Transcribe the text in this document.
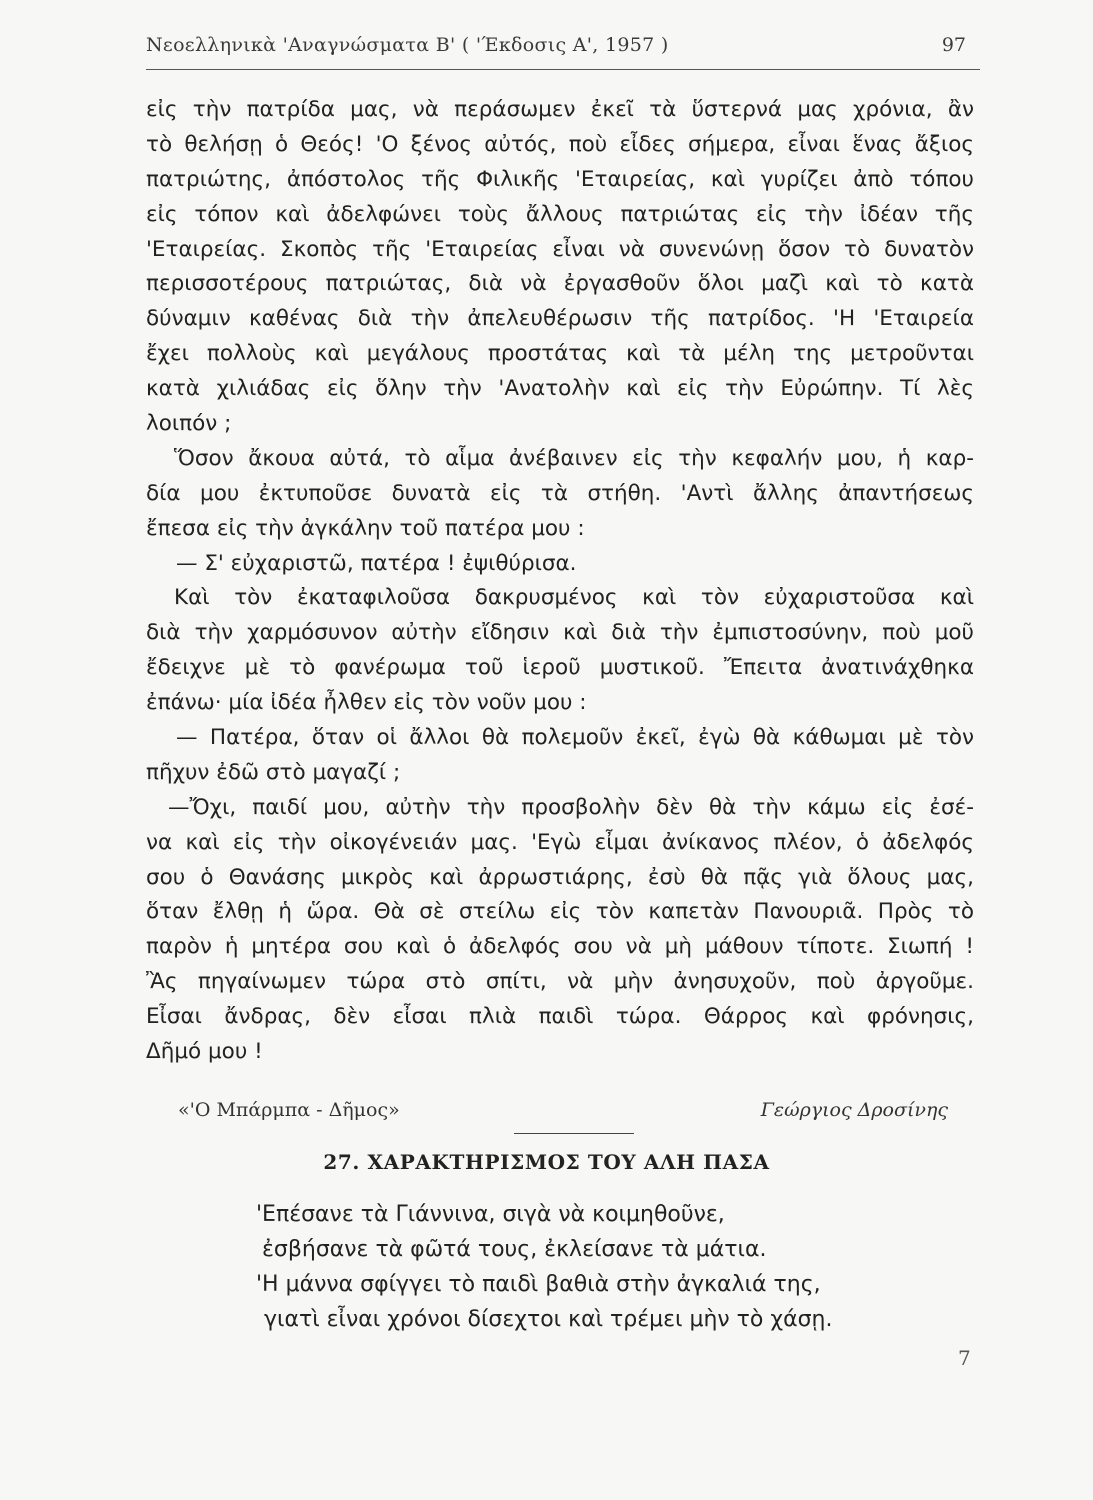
Νεοελληνικὰ 'Αναγνώσματα Β' ( 'Έκδοσις Α', 1957 )	97
εἰς τὴν πατρίδα μας, νὰ περάσωμεν ἐκεῖ τὰ ὕστερνά μας χρόνια, ἂν
τὸ θελήσῃ ὁ Θεός! 'Ο ξένος αὐτός, ποὺ εἶδες σήμερα, εἶναι ἕνας ἄξιος
πατριώτης, ἀπόστολος τῆς Φιλικῆς 'Εταιρείας, καὶ γυρίζει ἀπὸ τόπου
εἰς τόπον καὶ ἀδελφώνει τοὺς ἄλλους πατριώτας εἰς τὴν ἰδέαν τῆς
'Εταιρείας. Σκοπὸς τῆς 'Εταιρείας εἶναι νὰ συνενώνῃ ὅσον τὸ δυνατὸν
περισσοτέρους πατριώτας, διὰ νὰ ἐργασθοῦν ὅλοι μαζὶ καὶ τὸ κατὰ
δύναμιν καθένας διὰ τὴν ἀπελευθέρωσιν τῆς πατρίδος. 'Η 'Εταιρεία
ἔχει πολλοὺς καὶ μεγάλους προστάτας καὶ τὰ μέλη της μετροῦνται
κατὰ χιλιάδας εἰς ὅλην τὴν 'Ανατολὴν καὶ εἰς τὴν Εὐρώπην. Τί λὲς
λοιπόν ;
Ὅσον ἄκουα αὐτά, τὸ αἷμα ἀνέβαινεν εἰς τὴν κεφαλήν μου, ἡ καρ-
δία μου ἐκτυποῦσε δυνατὰ εἰς τὰ στήθη. 'Αντὶ ἄλλης ἀπαντήσεως
ἔπεσα εἰς τὴν ἀγκάλην τοῦ πατέρα μου :
— Σ' εὐχαριστῶ, πατέρα ! ἐψιθύρισα.
Καὶ τὸν ἐκαταφιλοῦσα δακρυσμένος καὶ τὸν εὐχαριστοῦσα καὶ
διὰ τὴν χαρμόσυνον αὐτὴν εἴδησιν καὶ διὰ τὴν ἐμπιστοσύνην, ποὺ μοῦ
ἔδειχνε μὲ τὸ φανέρωμα τοῦ ἱεροῦ μυστικοῦ. Ἔπειτα ἀνατινάχθηκα
ἐπάνω· μία ἰδέα ἦλθεν εἰς τὸν νοῦν μου :
— Πατέρα, ὅταν οἱ ἄλλοι θὰ πολεμοῦν ἐκεῖ, ἐγὼ θὰ κάθωμαι μὲ τὸν
πῆχυν ἐδῶ στὸ μαγαζί ;
—Ὄχι, παιδί μου, αὐτὴν τὴν προσβολὴν δὲν θὰ τὴν κάμω εἰς ἐσέ-
να καὶ εἰς τὴν οἰκογένειάν μας. 'Εγὼ εἶμαι ἀνίκανος πλέον, ὁ ἀδελφός
σου ὁ Θανάσης μικρὸς καὶ ἀρρωστιάρης, ἐσὺ θὰ πᾷς γιὰ ὅλους μας,
ὅταν ἔλθῃ ἡ ὥρα. Θὰ σὲ στείλω εἰς τὸν καπετὰν Πανουριᾶ. Πρὸς τὸ
παρὸν ἡ μητέρα σου καὶ ὁ ἀδελφός σου νὰ μὴ μάθουν τίποτε. Σιωπή !
Ἂς πηγαίνωμεν τώρα στὸ σπίτι, νὰ μὴν ἀνησυχοῦν, ποὺ ἀργοῦμε.
Εἶσαι ἄνδρας, δὲν εἶσαι πλιὰ παιδὶ τώρα. Θάρρος καὶ φρόνησις,
Δῆμό μου !
«'Ο Μπάρμπα - Δῆμος»	Γεώργιος Δροσίνης
27. ΧΑΡΑΚΤΗΡΙΣΜΟΣ ΤΟΥ ΑΛΗ ΠΑΣΑ
'Επέσανε τὰ Γιάννινα, σιγὰ νὰ κοιμηθοῦνε,
ἐσβήσανε τὰ φῶτά τους, ἐκλείσανε τὰ μάτια.
'Η μάννα σφίγγει τὸ παιδὶ βαθιὰ στὴν ἀγκαλιά της,
γιατὶ εἶναι χρόνοι δίσεχτοι καὶ τρέμει μὴν τὸ χάσῃ.
7
